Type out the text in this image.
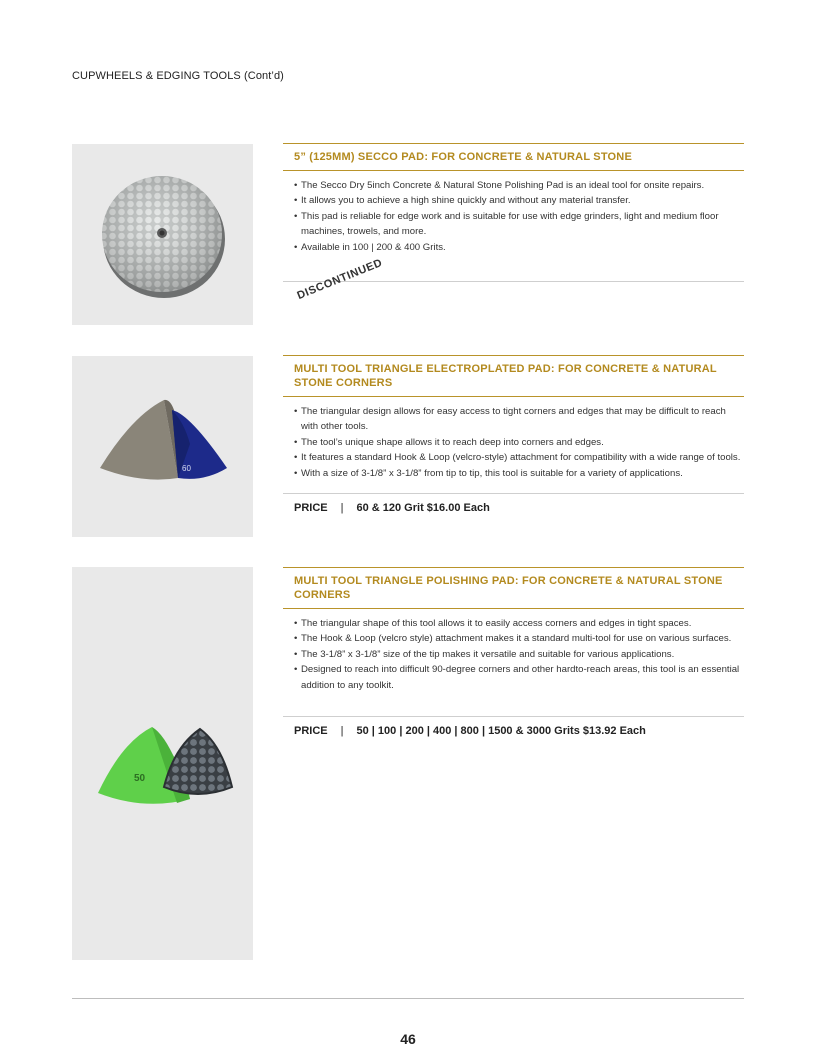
CUPWHEELS & EDGING TOOLS (Cont’d)
60
50
5” (125MM) SECCO PAD: FOR CONCRETE & NATURAL STONE
• The Secco Dry 5inch Concrete & Natural Stone Polishing Pad is an ideal tool for onsite repairs.
• It allows you to achieve a high shine quickly and without any material transfer.
• This pad is reliable for edge work and is suitable for use with edge grinders, light and medium floor machines, trowels, and more.
• Available in 100 | 200 & 400 Grits.
DISCONTINUED
MULTI TOOL TRIANGLE ELECTROPLATED PAD: FOR CONCRETE & NATURAL STONE CORNERS
• The triangular design allows for easy access to tight corners and edges that may be difficult to reach with other tools.
• The tool’s unique shape allows it to reach deep into corners and edges.
• It features a standard Hook & Loop (velcro-style) attachment for compatibility with a wide range of tools.
• With a size of 3-1/8” x 3-1/8” from tip to tip, this tool is suitable for a variety of applications.
PRICE | 60 & 120 Grit $16.00 Each
MULTI TOOL TRIANGLE POLISHING PAD: FOR CONCRETE & NATURAL STONE CORNERS
• The triangular shape of this tool allows it to easily access corners and edges in tight spaces.
• The Hook & Loop (velcro style) attachment makes it a standard multi-tool for use on various surfaces.
• The 3-1/8” x 3-1/8” size of the tip makes it versatile and suitable for various applications.
• Designed to reach into difficult 90-degree corners and other hardto-reach areas, this tool is an essential addition to any toolkit.
PRICE | 50 | 100 | 200 | 400 | 800 | 1500 & 3000 Grits $13.92 Each
46
